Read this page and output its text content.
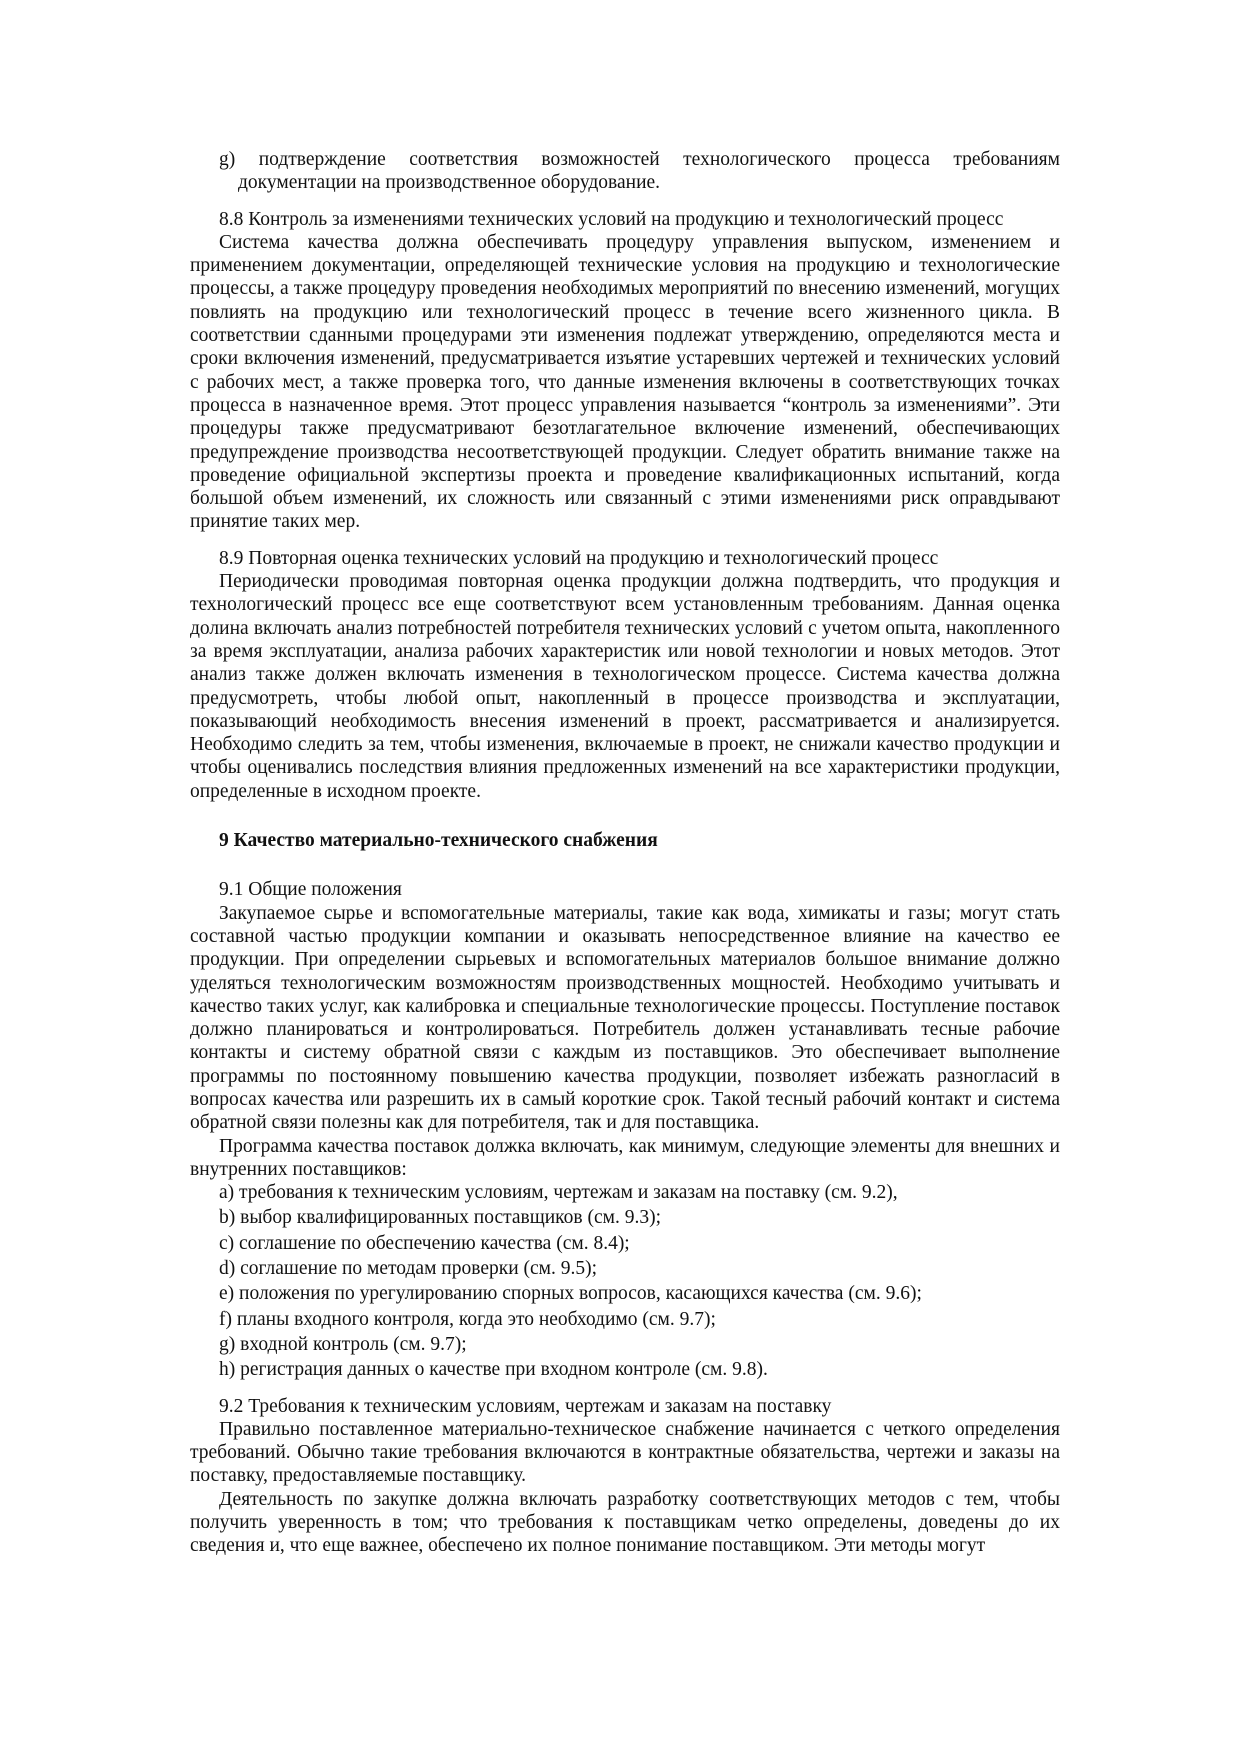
g) подтверждение соответствия возможностей технологического процесса требованиям документации на производственное оборудование.

8.8 Контроль за изменениями технических условий на продукцию и технологический процесс

Система качества должна обеспечивать процедуру управления выпуском, изменением и применением документации, определяющей технические условия на продукцию и технологические процессы, а также процедуру проведения необходимых мероприятий по внесению изменений, могущих повлиять на продукцию или технологический процесс в течение всего жизненного цикла. В соответствии сданными процедурами эти изменения подлежат утверждению, определяются места и сроки включения изменений, предусматривается изъятие устаревших чертежей и технических условий с рабочих мест, а также проверка того, что данные изменения включены в соответствующих точках процесса в назначенное время. Этот процесс управления называется “контроль за изменениями”. Эти процедуры также предусматривают безотлагательное включение изменений, обеспечивающих предупреждение производства несоответствующей продукции. Следует обратить внимание также на проведение официальной экспертизы проекта и проведение квалификационных испытаний, когда большой объем изменений, их сложность или связанный с этими изменениями риск оправдывают принятие таких мер.

8.9 Повторная оценка технических условий на продукцию и технологический процесс

Периодически проводимая повторная оценка продукции должна подтвердить, что продукция и технологический процесс все еще соответствуют всем установленным требованиям. Данная оценка долина включать анализ потребностей потребителя технических условий с учетом опыта, накопленного за время эксплуатации, анализа рабочих характеристик или новой технологии и новых методов. Этот анализ также должен включать изменения в технологическом процессе. Система качества должна предусмотреть, чтобы любой опыт, накопленный в процессе производства и эксплуатации, показывающий необходимость внесения изменений в проект, рассматривается и анализируется. Необходимо следить за тем, чтобы изменения, включаемые в проект, не снижали качество продукции и чтобы оценивались последствия влияния предложенных изменений на все характеристики продукции, определенные в исходном проекте.

9 Качество материально-технического снабжения

9.1 Общие положения

Закупаемое сырье и вспомогательные материалы, такие как вода, химикаты и газы; могут стать составной частью продукции компании и оказывать непосредственное влияние на качество ее продукции. При определении сырьевых и вспомогательных материалов большое внимание должно уделяться технологическим возможностям производственных мощностей. Необходимо учитывать и качество таких услуг, как калибровка и специальные технологические процессы. Поступление поставок должно планироваться и контролироваться. Потребитель должен устанавливать тесные рабочие контакты и систему обратной связи с каждым из поставщиков. Это обеспечивает выполнение программы по постоянному повышению качества продукции, позволяет избежать разногласий в вопросах качества или разрешить их в самый короткие срок. Такой тесный рабочий контакт и система обратной связи полезны как для потребителя, так и для поставщика.

Программа качества поставок должка включать, как минимум, следующие элементы для внешних и внутренних поставщиков:

a) требования к техническим условиям, чертежам и заказам на поставку (см. 9.2),

b) выбор квалифицированных поставщиков (см. 9.3);

c) соглашение по обеспечению качества (см. 8.4);

d) соглашение по методам проверки (см. 9.5);

e) положения по урегулированию спорных вопросов, касающихся качества (см. 9.6);

f) планы входного контроля, когда это необходимо (см. 9.7);

g) входной контроль (см. 9.7);

h) регистрация данных о качестве при входном контроле (см. 9.8).

9.2 Требования к техническим условиям, чертежам и заказам на поставку

Правильно поставленное материально-техническое снабжение начинается с четкого определения требований. Обычно такие требования включаются в контрактные обязательства, чертежи и заказы на поставку, предоставляемые поставщику.

Деятельность по закупке должна включать разработку соответствующих методов с тем, чтобы получить уверенность в том; что требования к поставщикам четко определены, доведены до их сведения и, что еще важнее, обеспечено их полное понимание поставщиком. Эти методы могут
